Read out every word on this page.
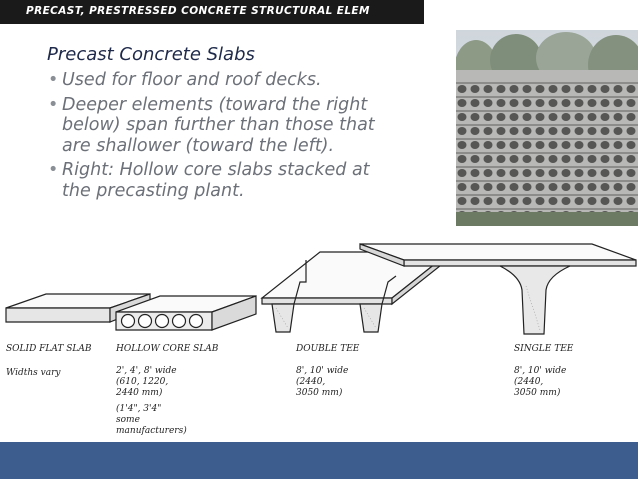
PRECAST, PRESTRESSED CONCRETE STRUCTURAL ELEM
Precast Concrete Slabs
• Used for floor and roof decks.
• Deeper elements (toward the right below) span further than those that are shallower (toward the left).
• Right: Hollow core slabs stacked at the precasting plant.
SOLID FLAT SLAB
Widths vary
HOLLOW CORE SLAB
2', 4', 8' wide
(610, 1220,
2440 mm)
(1'4", 3'4"
some
manufacturers)
DOUBLE TEE
8', 10' wide
(2440,
3050 mm)
SINGLE TEE
8', 10' wide
(2440,
3050 mm)
